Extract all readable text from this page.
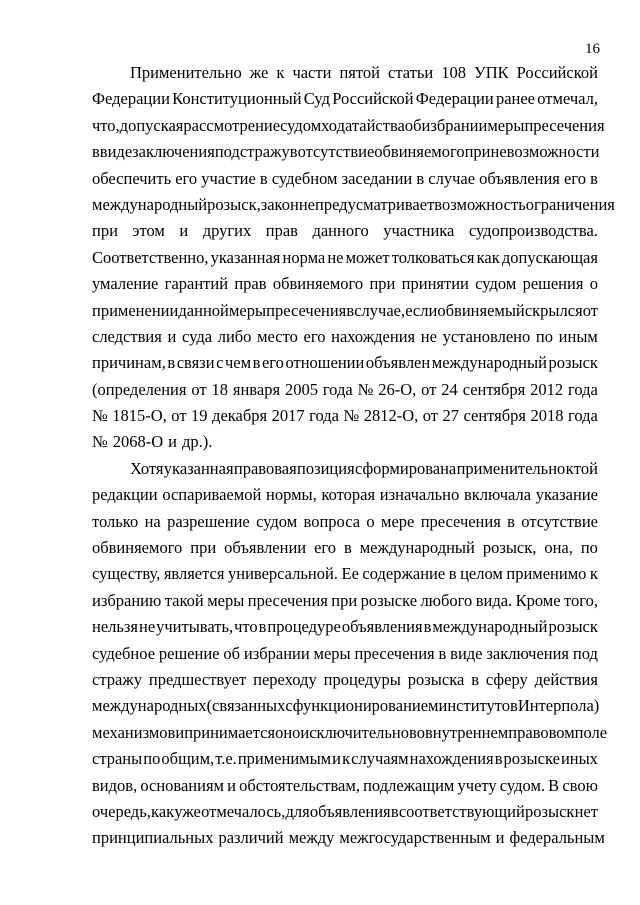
16
Применительно же к части пятой статьи 108 УПК Российской
Федерации Конституционный Суд Российской Федерации ранее отмечал,
что, допуская рассмотрение судом ходатайства об избрании меры пресечения
в виде заключения под стражу в отсутствие обвиняемого при невозможности
обеспечить его участие в судебном заседании в случае объявления его в
международный розыск, закон не предусматривает возможность ограничения
при этом и других прав данного участника судопроизводства.
Соответственно, указанная норма не может толковаться как допускающая
умаление гарантий прав обвиняемого при принятии судом решения о
применении данной меры пресечения в случае, если обвиняемый скрылся от
следствия и суда либо место его нахождения не установлено по иным
причинам, в связи с чем в его отношении объявлен международный розыск
(определения от 18 января 2005 года № 26-О, от 24 сентября 2012 года
№ 1815-О, от 19 декабря 2017 года № 2812-О, от 27 сентября 2018 года
№ 2068-О и др.).
Хотя указанная правовая позиция сформирована применительно к той
редакции оспариваемой нормы, которая изначально включала указание
только на разрешение судом вопроса о мере пресечения в отсутствие
обвиняемого при объявлении его в международный розыск, она, по
существу, является универсальной. Ее содержание в целом применимо к
избранию такой меры пресечения при розыске любого вида. Кроме того,
нельзя не учитывать, что в процедуре объявления в международный розыск
судебное решение об избрании меры пресечения в виде заключения под
стражу предшествует переходу процедуры розыска в сферу действия
международных (связанных с функционированием институтов Интерпола)
механизмов и принимается оно исключительно во внутреннем правовом поле
страны по общим, т.е. применимым и к случаям нахождения в розыске иных
видов, основаниям и обстоятельствам, подлежащим учету судом. В свою
очередь, как уже отмечалось, для объявления в соответствующий розыск нет
принципиальных различий между межгосударственным и федеральным
